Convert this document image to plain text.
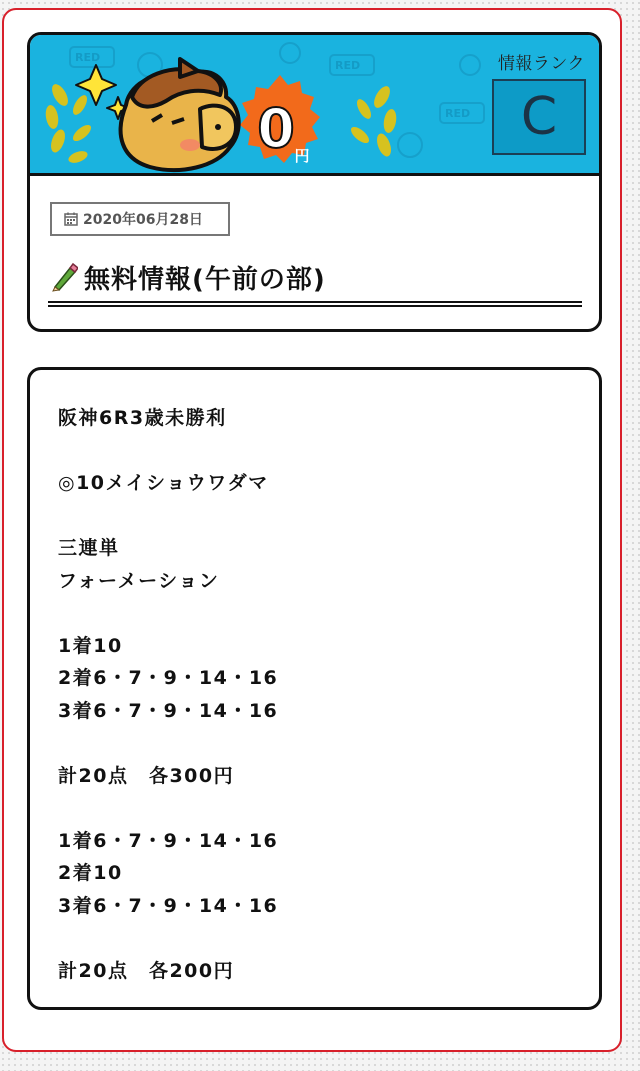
RED
RED
RED
0 円
情報ランク
C
2020年06月28日
無料情報(午前の部)
阪神6R3歳未勝利
◎10メイショウワダマ
三連単
フォーメーション
1着10
2着6・7・9・14・16
3着6・7・9・14・16
計20点　各300円
1着6・7・9・14・16
2着10
3着6・7・9・14・16
計20点　各200円
